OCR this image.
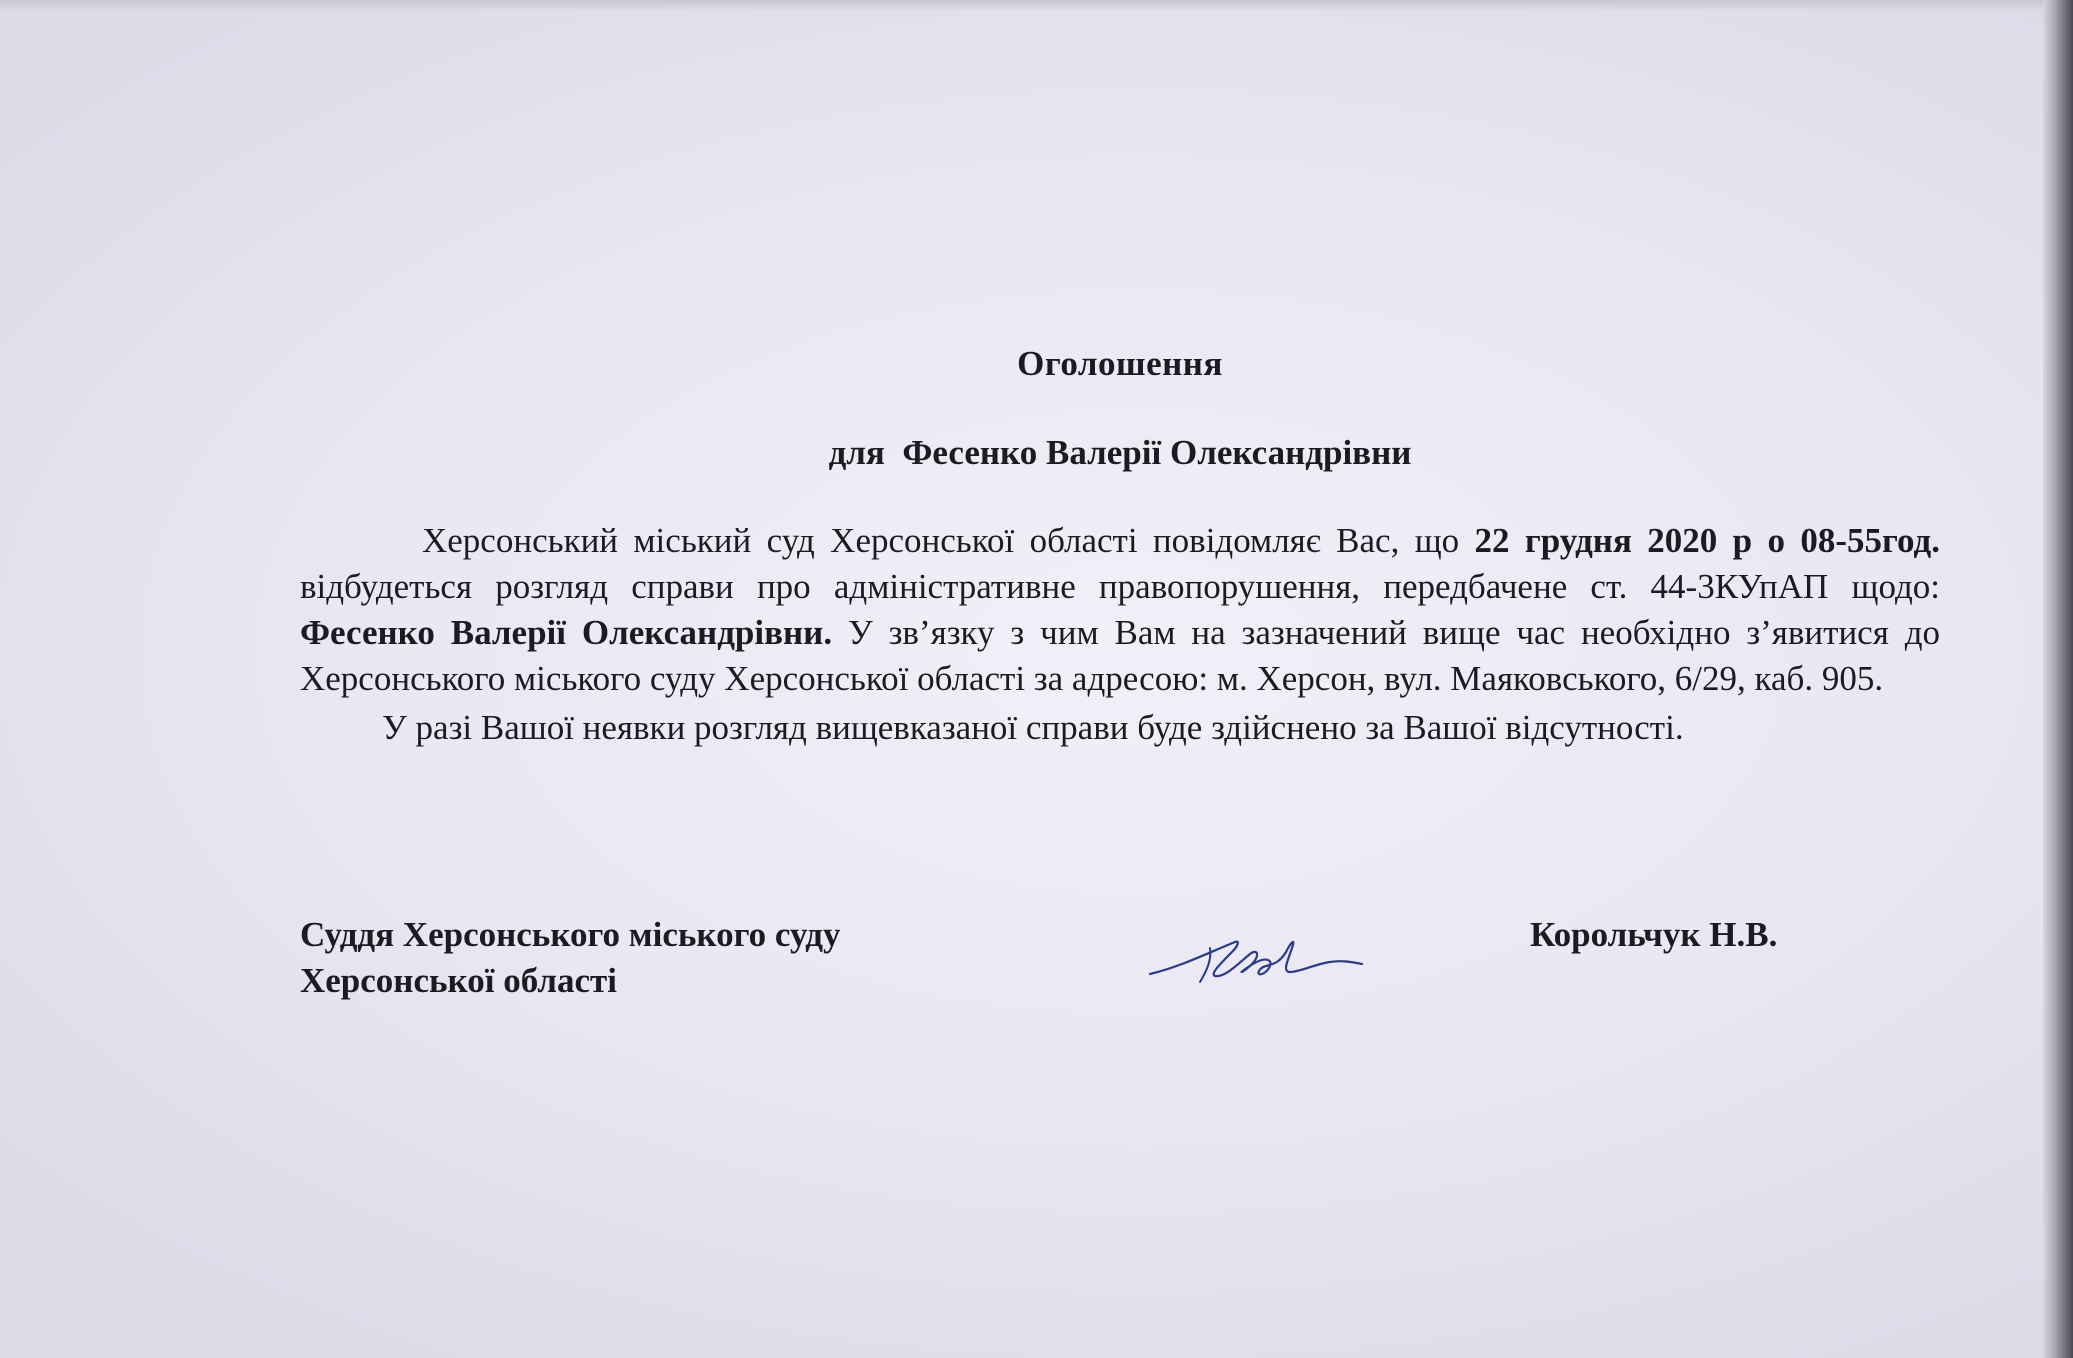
Оголошення
для  Фесенко Валерії Олександрівни

Херсонський міський суд Херсонської області повідомляє Вас, що 22 грудня 2020 р о 08-55год. відбудеться розгляд справи про адміністративне правопорушення, передбачене ст. 44-3КУпАП щодо: Фесенко Валерії Олександрівни. У зв’язку з чим Вам на зазначений вище час необхідно з’явитися до Херсонського міського суду Херсонської області за адресою: м. Херсон, вул. Маяковського, 6/29, каб. 905.

У разі Вашої неявки розгляд вищевказаної справи буде здійснено за Вашої відсутності.

Суддя Херсонського міського суду
Херсонської області
Корольчук Н.В.
